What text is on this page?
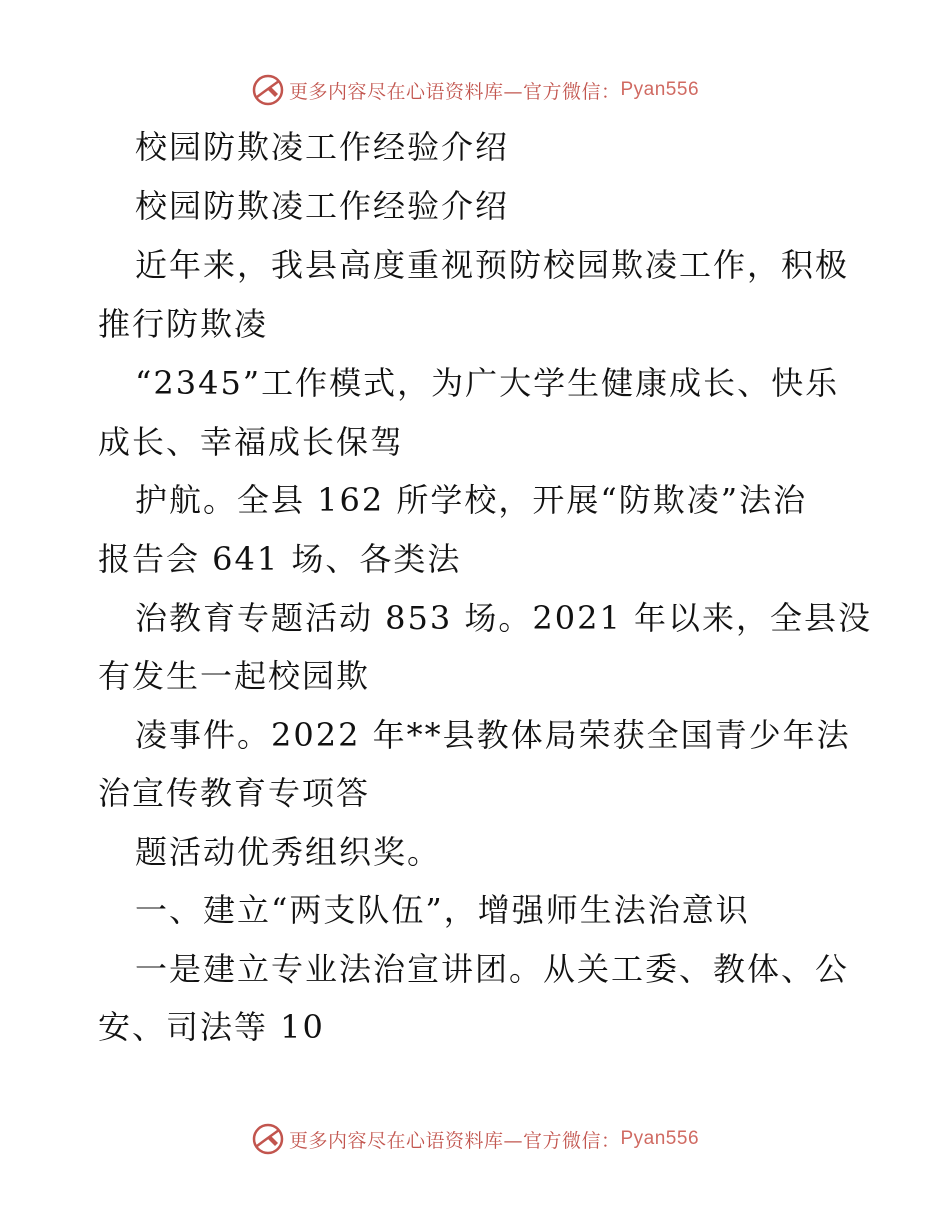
更多内容尽在心语资料库—官方微信： Pyan556
校园防欺凌工作经验介绍
校园防欺凌工作经验介绍
近年来，我县高度重视预防校园欺凌工作，积极
推行防欺凌
“2345”工作模式，为广大学生健康成长、快乐
成长、幸福成长保驾
护航。全县 162 所学校，开展“防欺凌”法治
报告会 641 场、各类法
治教育专题活动 853 场。2021 年以来，全县没
有发生一起校园欺
凌事件。2022 年**县教体局荣获全国青少年法
治宣传教育专项答
题活动优秀组织奖。
一、建立“两支队伍”，增强师生法治意识
一是建立专业法治宣讲团。从关工委、教体、公
安、司法等 10
更多内容尽在心语资料库—官方微信： Pyan556
